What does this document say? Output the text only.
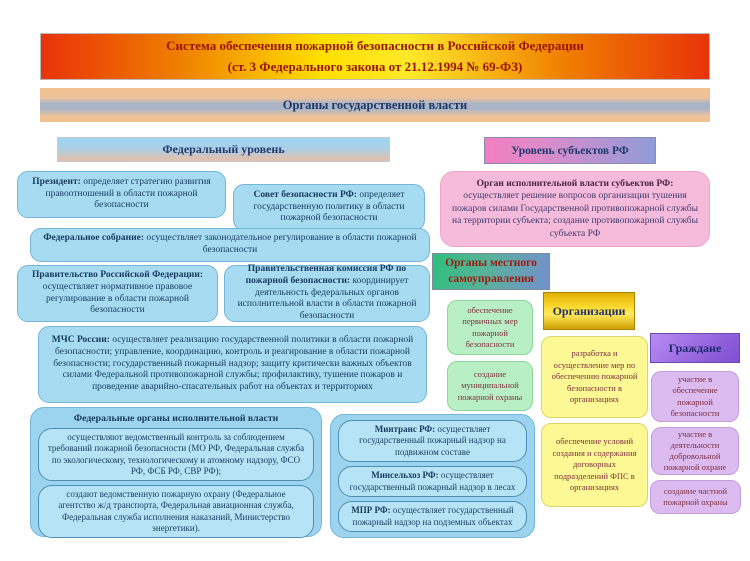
Система обеспечения пожарной безопасности в Российской Федерации
(ст. 3 Федерального закона от 21.12.1994 № 69-ФЗ)
Органы государственной власти
Федеральный уровень	Уровень субъектов РФ
Президент: определяет стратегию развития правоотношений в области пожарной безопасности
Совет безопасности РФ: определяет государственную политику в области пожарной безопасности
Федеральное собрание: осуществляет законодательное регулирование в области пожарной безопасности
Правительство Российской Федерации: осуществляет нормативное правовое регулирование в области пожарной безопасности
Правительственная комиссия РФ по пожарной безопасности: координирует деятельность федеральных органов исполнительной власти в области пожарной безопасности
МЧС России: осуществляет реализацию государственной политики в области пожарной безопасности; управление, координацию, контроль и реагирование в области пожарной безопасности; государственный пожарный надзор; защиту критически важных объектов силами Федеральной противопожарной службы; профилактику, тушение пожаров и проведение аварийно-спасательных работ на объектах и территориях
Федеральные органы исполнительной власти
осуществляют ведомственный контроль за соблюдением требований пожарной безопасности (МО РФ, Федеральная служба по экологическому, технологическому и атомному надзору, ФСО РФ, ФСБ РФ, СВР РФ);
создают ведомственную пожарную охрану (Федеральное агентство ж/д транспорта, Федеральная авиационная служба, Федеральная служба исполнения наказаний, Министерство энергетики).
Минтранс РФ: осуществляет государственный пожарный надзор на подвижном составе
Минсельхоз РФ: осуществляет государственный пожарный надзор в лесах
МПР РФ: осуществляет государственный пожарный надзор на подземных объектах
Орган исполнительной власти субъектов РФ:
осуществляет решение вопросов организации тушения пожаров силами Государственной противопожарной службы на территории субъекта; создание противопожарной службы субъекта РФ
Органы местного самоуправления
обеспечение первичных мер пожарной безопасности
создание муниципальной пожарной охраны
Организации
разработка и осуществление мер по обеспечению пожарной безопасности в организациях
обеспечение условий создания и содержания договорных подразделений ФПС в организациях
Граждане
участие в обеспечение пожарной безопасности
участие в деятельности добровольной пожарной охране
создание частной пожарной охраны
